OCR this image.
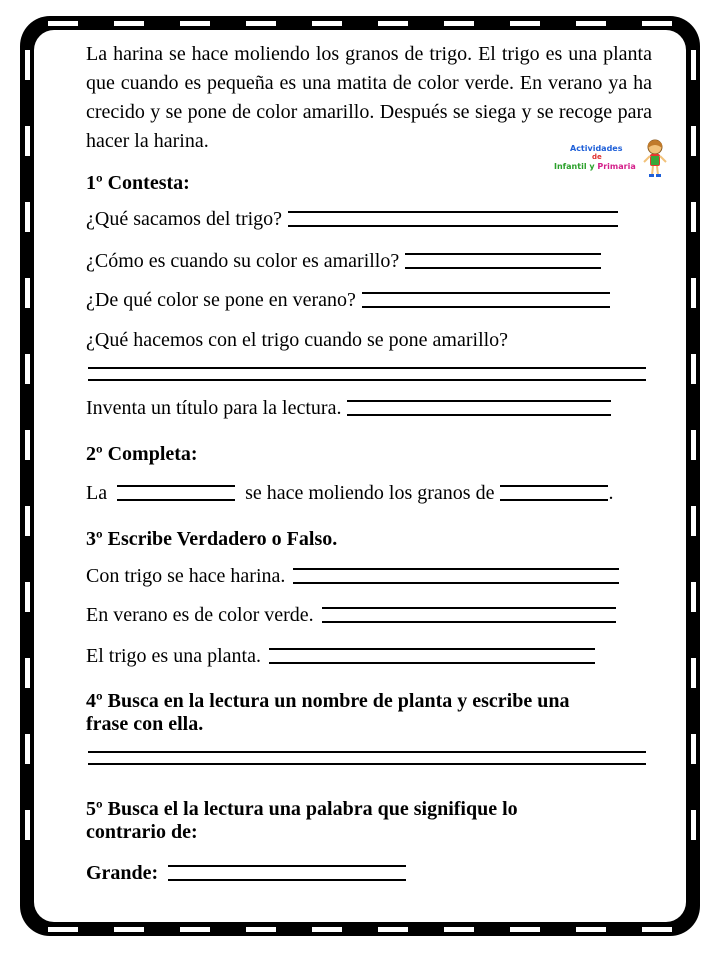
La harina se hace moliendo los granos de trigo. El trigo es una planta que cuando es pequeña es una matita de color verde. En verano ya ha crecido y se pone de color amarillo. Después se siega y se recoge para hacer la harina.	Actividades
de
Infantil y Primaria
1º Contesta:
¿Qué sacamos del trigo?
¿Cómo es cuando su color es amarillo?
¿De qué color se pone en verano?
¿Qué hacemos con el trigo cuando se pone amarillo?
Inventa un título para la lectura.
2º Completa:
La	se hace moliendo los granos de	.
3º Escribe Verdadero o Falso.
Con trigo se hace harina.
En verano es de color verde.
El trigo es una planta.
4º Busca en la lectura un nombre de planta y escribe una
frase con ella.
5º Busca el la lectura una palabra que signifique lo
contrario de:
Grande:
